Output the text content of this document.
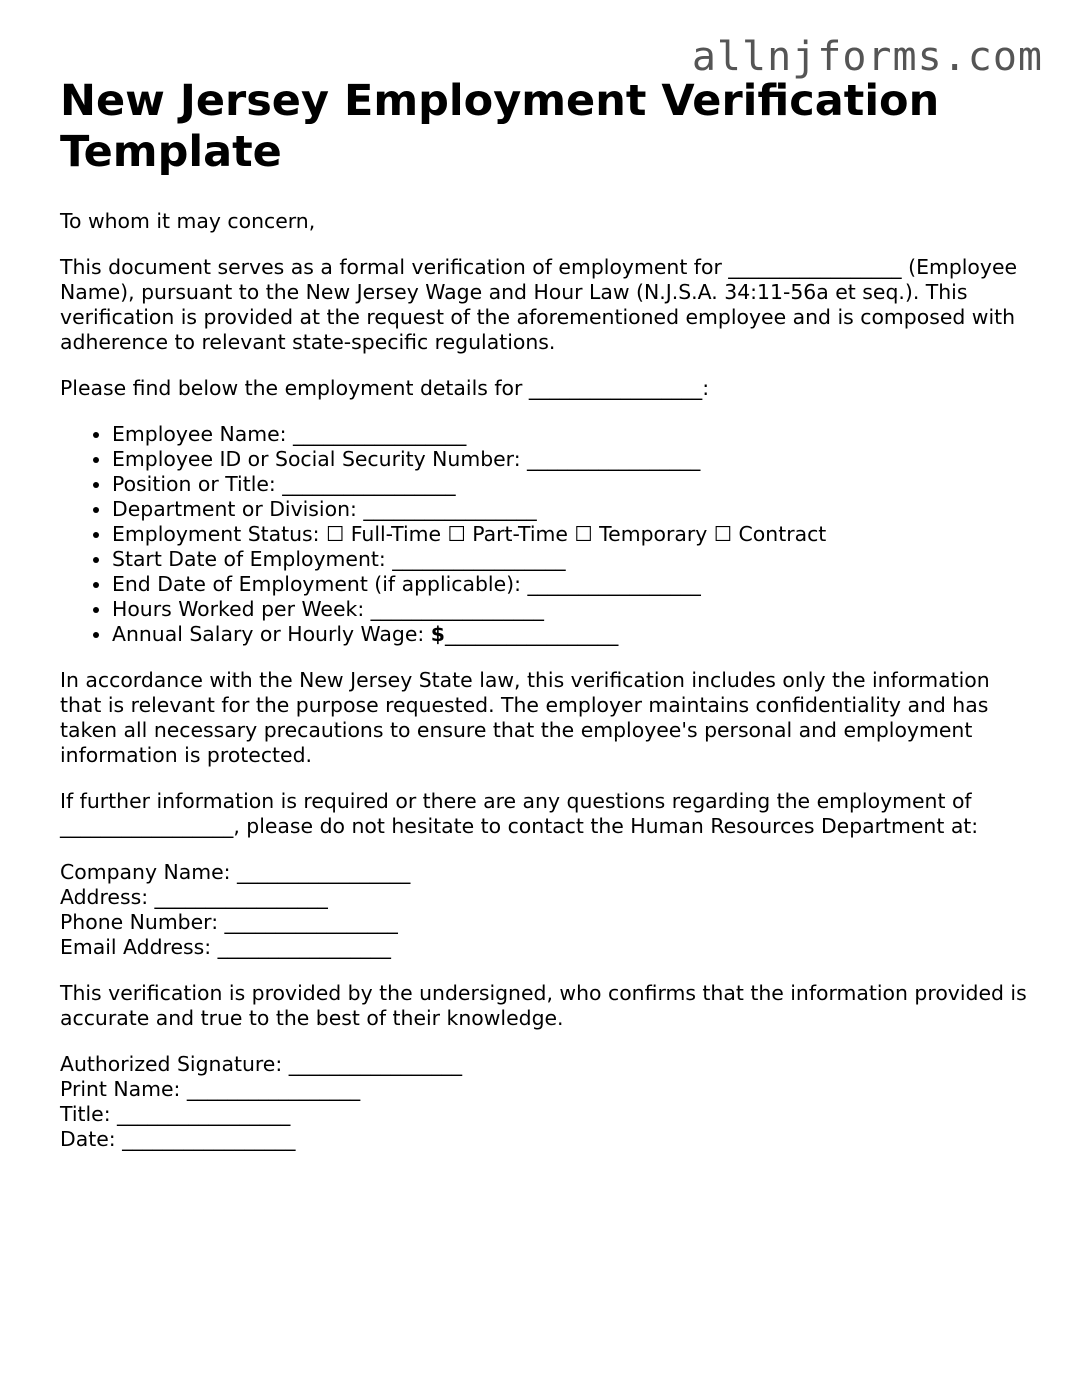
allnjforms.com
New Jersey Employment Verification Template

To whom it may concern,

This document serves as a formal verification of employment for _________________ (Employee Name), pursuant to the New Jersey Wage and Hour Law (N.J.S.A. 34:11-56a et seq.). This verification is provided at the request of the aforementioned employee and is composed with adherence to relevant state-specific regulations.

Please find below the employment details for _________________:

• Employee Name: _________________
• Employee ID or Social Security Number: _________________
• Position or Title: _________________
• Department or Division: _________________
• Employment Status: ☐ Full-Time ☐ Part-Time ☐ Temporary ☐ Contract
• Start Date of Employment: _________________
• End Date of Employment (if applicable): _________________
• Hours Worked per Week: _________________
• Annual Salary or Hourly Wage: $_________________

In accordance with the New Jersey State law, this verification includes only the information that is relevant for the purpose requested. The employer maintains confidentiality and has taken all necessary precautions to ensure that the employee's personal and employment information is protected.

If further information is required or there are any questions regarding the employment of _________________, please do not hesitate to contact the Human Resources Department at:

Company Name: _________________
Address: _________________
Phone Number: _________________
Email Address: _________________

This verification is provided by the undersigned, who confirms that the information provided is accurate and true to the best of their knowledge.

Authorized Signature: _________________
Print Name: _________________
Title: _________________
Date: _________________
